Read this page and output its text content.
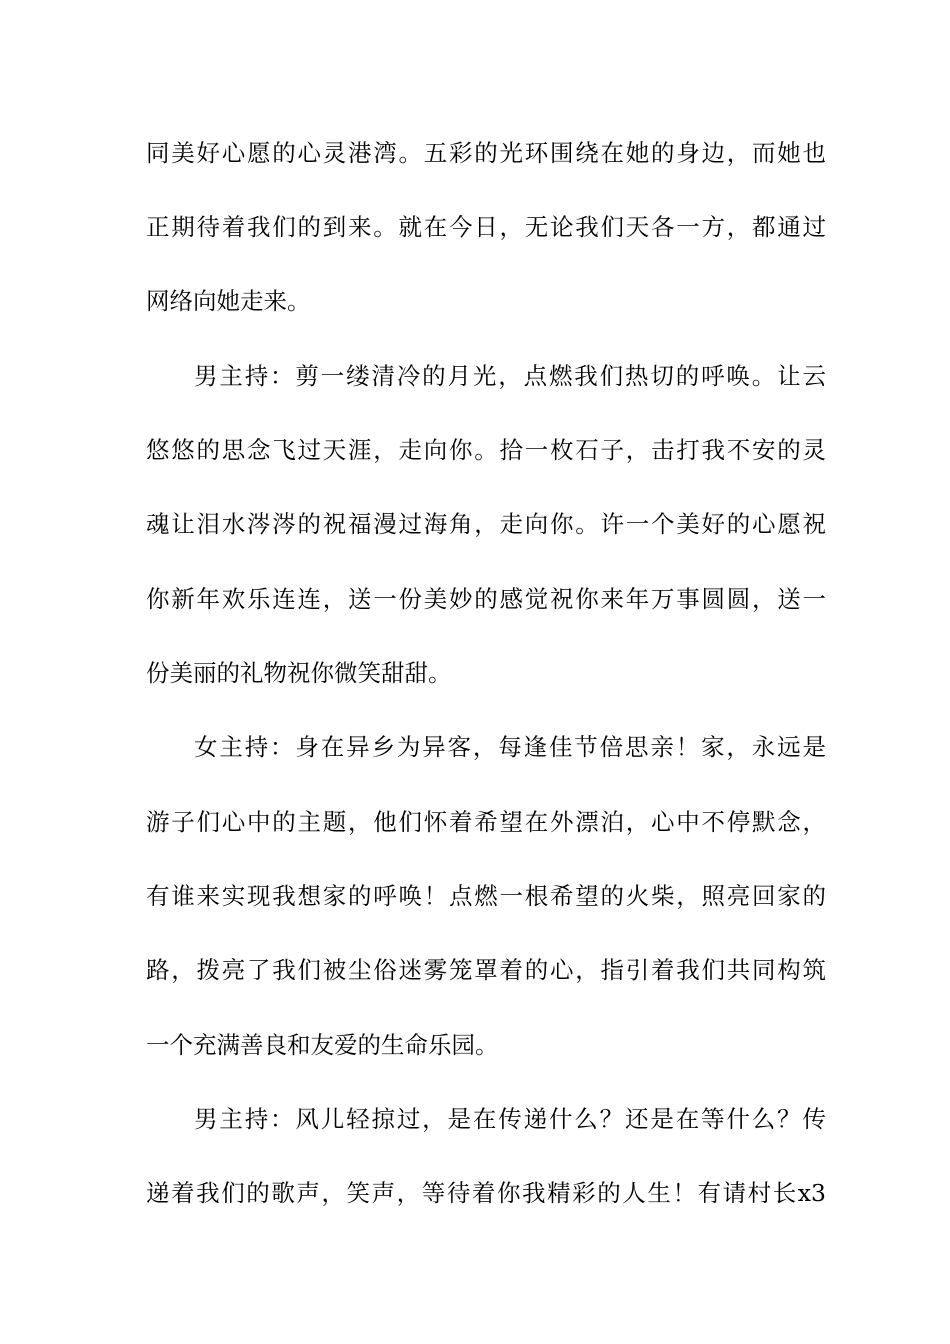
同美好心愿的心灵港湾。五彩的光环围绕在她的身边，而她也
正期待着我们的到来。就在今日，无论我们天各一方，都通过
网络向她走来。
男主持：剪一缕清冷的月光，点燃我们热切的呼唤。让云
悠悠的思念飞过天涯，走向你。拾一枚石子，击打我不安的灵
魂让泪水涔涔的祝福漫过海角，走向你。许一个美好的心愿祝
你新年欢乐连连，送一份美妙的感觉祝你来年万事圆圆，送一
份美丽的礼物祝你微笑甜甜。
女主持：身在异乡为异客，每逢佳节倍思亲！家，永远是
游子们心中的主题，他们怀着希望在外漂泊，心中不停默念，
有谁来实现我想家的呼唤！点燃一根希望的火柴，照亮回家的
路，拨亮了我们被尘俗迷雾笼罩着的心，指引着我们共同构筑
一个充满善良和友爱的生命乐园。
男主持：风儿轻掠过，是在传递什么？还是在等什么？传
递着我们的歌声，笑声，等待着你我精彩的人生！有请村长x3
